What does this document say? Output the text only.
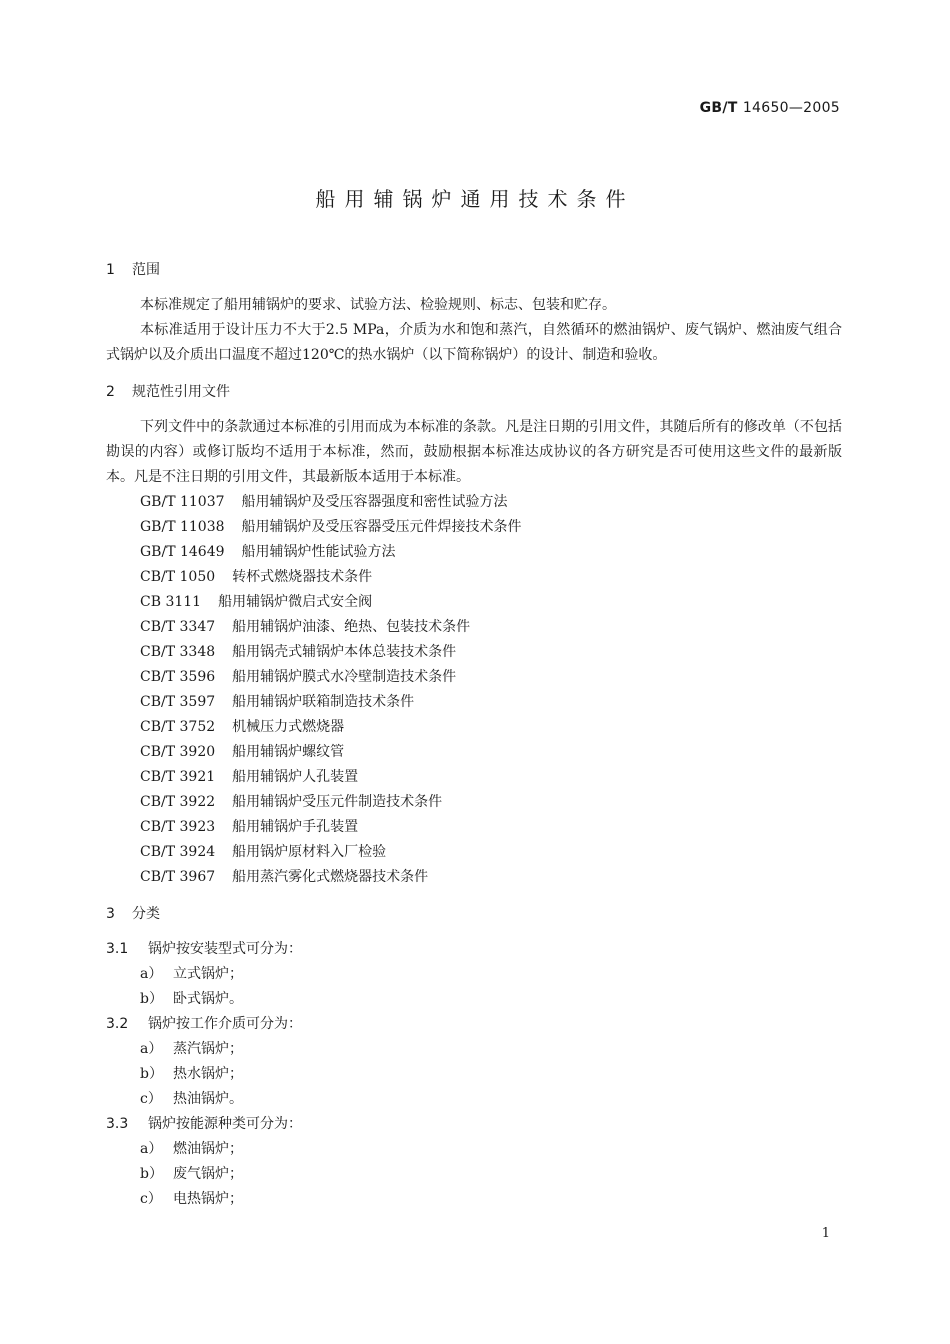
GB/T 14650—2005
船用辅锅炉通用技术条件
1 范围

本标准规定了船用辅锅炉的要求、试验方法、检验规则、标志、包装和贮存。

本标准适用于设计压力不大于2.5 MPa，介质为水和饱和蒸汽，自然循环的燃油锅炉、废气锅炉、燃油废气组合式锅炉以及介质出口温度不超过120℃的热水锅炉（以下简称锅炉）的设计、制造和验收。

2 规范性引用文件

下列文件中的条款通过本标准的引用而成为本标准的条款。凡是注日期的引用文件，其随后所有的修改单（不包括勘误的内容）或修订版均不适用于本标准，然而，鼓励根据本标准达成协议的各方研究是否可使用这些文件的最新版本。凡是不注日期的引用文件，其最新版本适用于本标准。

GB/T 11037 船用辅锅炉及受压容器强度和密性试验方法
GB/T 11038 船用辅锅炉及受压容器受压元件焊接技术条件
GB/T 14649 船用辅锅炉性能试验方法
CB/T 1050 转杯式燃烧器技术条件
CB 3111 船用辅锅炉微启式安全阀
CB/T 3347 船用辅锅炉油漆、绝热、包装技术条件
CB/T 3348 船用锅壳式辅锅炉本体总装技术条件
CB/T 3596 船用辅锅炉膜式水冷壁制造技术条件
CB/T 3597 船用辅锅炉联箱制造技术条件
CB/T 3752 机械压力式燃烧器
CB/T 3920 船用辅锅炉螺纹管
CB/T 3921 船用辅锅炉人孔装置
CB/T 3922 船用辅锅炉受压元件制造技术条件
CB/T 3923 船用辅锅炉手孔装置
CB/T 3924 船用锅炉原材料入厂检验
CB/T 3967 船用蒸汽雾化式燃烧器技术条件
3 分类
3.1 锅炉按安装型式可分为：
a） 立式锅炉；
b） 卧式锅炉。
3.2 锅炉按工作介质可分为：
a） 蒸汽锅炉；
b） 热水锅炉；
c） 热油锅炉。
3.3 锅炉按能源种类可分为：
a） 燃油锅炉；
b） 废气锅炉；
c） 电热锅炉；
1
